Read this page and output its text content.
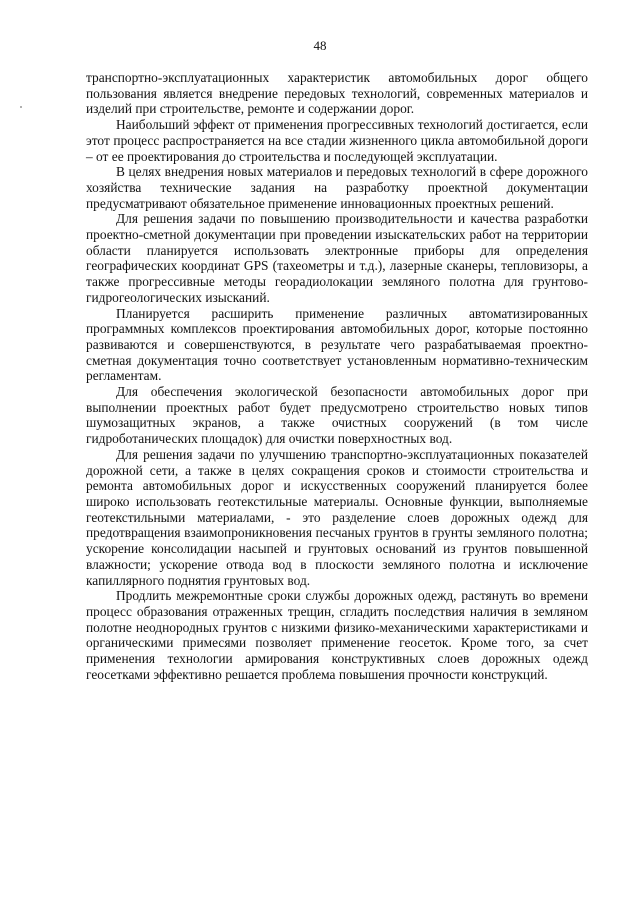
48

транспортно-эксплуатационных характеристик автомобильных дорог общего пользования является внедрение передовых технологий, современных материалов и изделий при строительстве, ремонте и содержании дорог.

Наибольший эффект от применения прогрессивных технологий достигается, если этот процесс распространяется на все стадии жизненного цикла автомобильной дороги – от ее проектирования до строительства и последующей эксплуатации.

В целях внедрения новых материалов и передовых технологий в сфере дорожного хозяйства технические задания на разработку проектной документации предусматривают обязательное применение инновационных проектных решений.

Для решения задачи по повышению производительности и качества разработки проектно-сметной документации при проведении изыскательских работ на территории области планируется использовать электронные приборы для определения географических координат GPS (тахеометры и т.д.), лазерные сканеры, тепловизоры, а также прогрессивные методы георадиолокации земляного полотна для грунтово-гидрогеологических изысканий.

Планируется расширить применение различных автоматизированных программных комплексов проектирования автомобильных дорог, которые постоянно развиваются и совершенствуются, в результате чего разрабатываемая проектно-сметная документация точно соответствует установленным нормативно-техническим регламентам.

Для обеспечения экологической безопасности автомобильных дорог при выполнении проектных работ будет предусмотрено строительство новых типов шумозащитных экранов, а также очистных сооружений (в том числе гидроботанических площадок) для очистки поверхностных вод.

Для решения задачи по улучшению транспортно-эксплуатационных показателей дорожной сети, а также в целях сокращения сроков и стоимости строительства и ремонта автомобильных дорог и искусственных сооружений планируется более широко использовать геотекстильные материалы. Основные функции, выполняемые геотекстильными материалами, - это разделение слоев дорожных одежд для предотвращения взаимопроникновения песчаных грунтов в грунты земляного полотна; ускорение консолидации насыпей и грунтовых оснований из грунтов повышенной влажности; ускорение отвода вод в плоскости земляного полотна и исключение капиллярного поднятия грунтовых вод.

Продлить межремонтные сроки службы дорожных одежд, растянуть во времени процесс образования отраженных трещин, сгладить последствия наличия в земляном полотне неоднородных грунтов с низкими физико-механическими характеристиками и органическими примесями позволяет применение геосеток. Кроме того, за счет применения технологии армирования конструктивных слоев дорожных одежд геосетками эффективно решается проблема повышения прочности конструкций.
